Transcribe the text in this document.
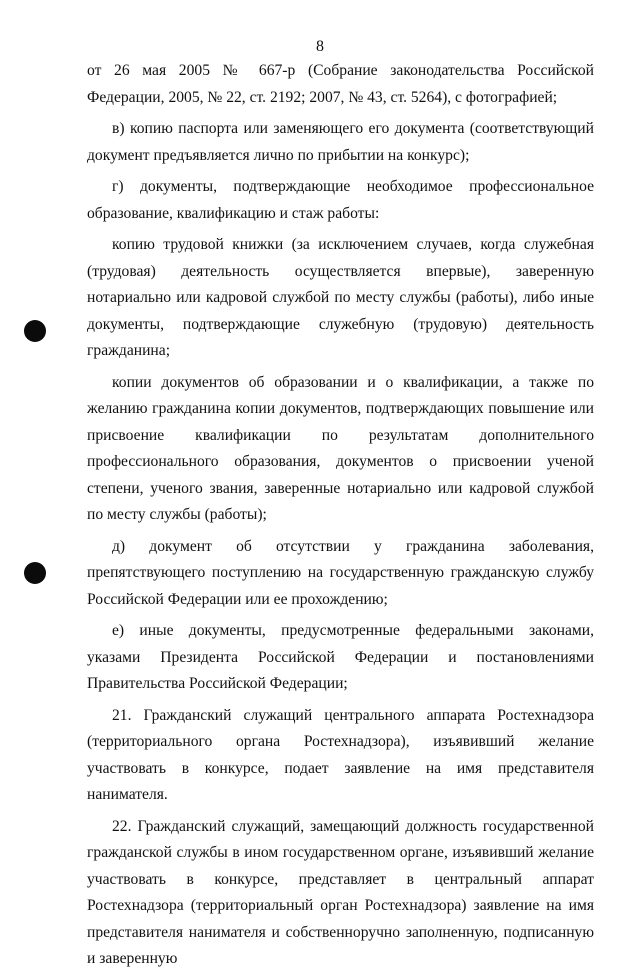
8

от 26 мая 2005 № 667-р (Собрание законодательства Российской Федерации, 2005, № 22, ст. 2192; 2007, № 43, ст. 5264), с фотографией;

в) копию паспорта или заменяющего его документа (соответствующий документ предъявляется лично по прибытии на конкурс);

г) документы, подтверждающие необходимое профессиональное образование, квалификацию и стаж работы:

копию трудовой книжки (за исключением случаев, когда служебная (трудовая) деятельность осуществляется впервые), заверенную нотариально или кадровой службой по месту службы (работы), либо иные документы, подтверждающие служебную (трудовую) деятельность гражданина;

копии документов об образовании и о квалификации, а также по желанию гражданина копии документов, подтверждающих повышение или присвоение квалификации по результатам дополнительного профессионального образования, документов о присвоении ученой степени, ученого звания, заверенные нотариально или кадровой службой по месту службы (работы);

д) документ об отсутствии у гражданина заболевания, препятствующего поступлению на государственную гражданскую службу Российской Федерации или ее прохождению;

е) иные документы, предусмотренные федеральными законами, указами Президента Российской Федерации и постановлениями Правительства Российской Федерации;

21. Гражданский служащий центрального аппарата Ростехнадзора (территориального органа Ростехнадзора), изъявивший желание участвовать в конкурсе, подает заявление на имя представителя нанимателя.

22. Гражданский служащий, замещающий должность государственной гражданской службы в ином государственном органе, изъявивший желание участвовать в конкурсе, представляет в центральный аппарат Ростехнадзора (территориальный орган Ростехнадзора) заявление на имя представителя нанимателя и собственноручно заполненную, подписанную и заверенную
